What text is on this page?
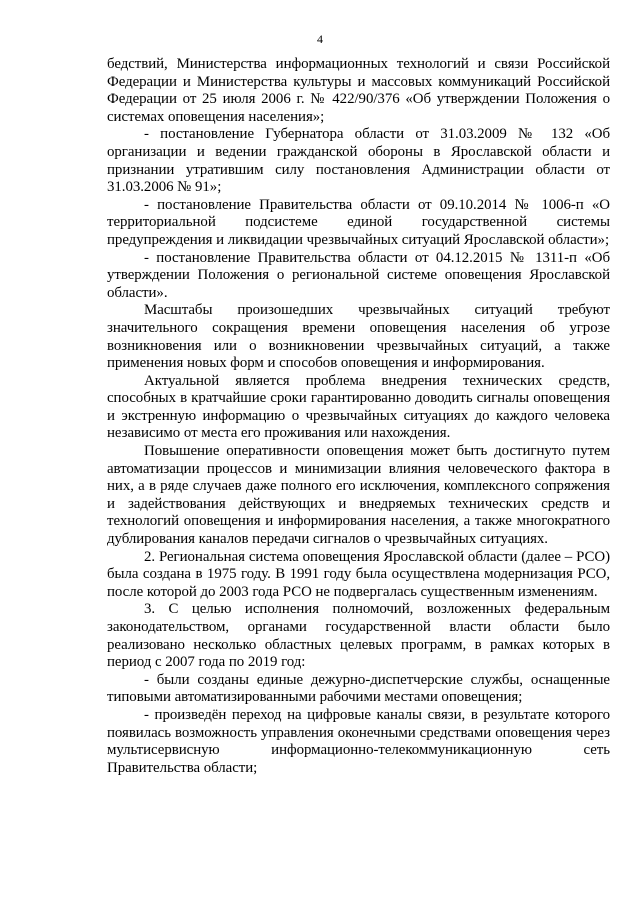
4

бедствий, Министерства информационных технологий и связи Российской Федерации и Министерства культуры и массовых коммуникаций Российской Федерации от 25 июля 2006 г. № 422/90/376 «Об утверждении Положения о системах оповещения населения»;

- постановление Губернатора области от 31.03.2009 № 132 «Об организации и ведении гражданской обороны в Ярославской области и признании утратившим силу постановления Администрации области от 31.03.2006 № 91»;

- постановление Правительства области от 09.10.2014 № 1006-п «О территориальной подсистеме единой государственной системы предупреждения и ликвидации чрезвычайных ситуаций Ярославской области»;

- постановление Правительства области от 04.12.2015 № 1311-п «Об утверждении Положения о региональной системе оповещения Ярославской области».

Масштабы произошедших чрезвычайных ситуаций требуют значительного сокращения времени оповещения населения об угрозе возникновения или о возникновении чрезвычайных ситуаций, а также применения новых форм и способов оповещения и информирования.

Актуальной является проблема внедрения технических средств, способных в кратчайшие сроки гарантированно доводить сигналы оповещения и экстренную информацию о чрезвычайных ситуациях до каждого человека независимо от места его проживания или нахождения.

Повышение оперативности оповещения может быть достигнуто путем автоматизации процессов и минимизации влияния человеческого фактора в них, а в ряде случаев даже полного его исключения, комплексного сопряжения и задействования действующих и внедряемых технических средств и технологий оповещения и информирования населения, а также многократного дублирования каналов передачи сигналов о чрезвычайных ситуациях.

2. Региональная система оповещения Ярославской области (далее – РСО) была создана в 1975 году. В 1991 году была осуществлена модернизация РСО, после которой до 2003 года РСО не подвергалась существенным изменениям.

3. С целью исполнения полномочий, возложенных федеральным законодательством, органами государственной власти области было реализовано несколько областных целевых программ, в рамках которых в период с 2007 года по 2019 год:

- были созданы единые дежурно-диспетчерские службы, оснащенные типовыми автоматизированными рабочими местами оповещения;

- произведён переход на цифровые каналы связи, в результате которого появилась возможность управления оконечными средствами оповещения через мультисервисную информационно-телекоммуникационную сеть Правительства области;
